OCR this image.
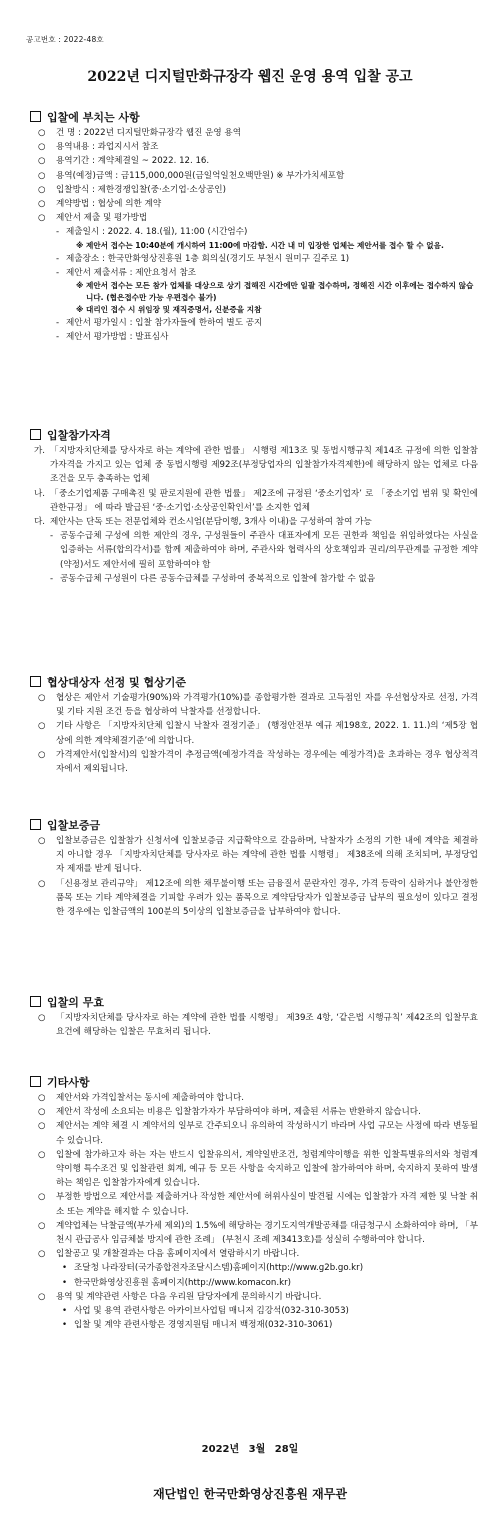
공고번호 : 2022-48호
2022년 디지털만화규장각 웹진 운영 용역 입찰 공고
입찰에 부치는 사항
○ 건 명 : 2022년 디지털만화규장각 웹진 운영 용역
○ 용역내용 : 과업지시서 참조
○ 용역기간 : 계약체결일 ~ 2022. 12. 16.
○ 용역(예정)금액 : 금115,000,000원(금일억일천오백만원) ※ 부가가치세포함
○ 입찰방식 : 제한경쟁입찰(중·소기업·소상공인)
○ 계약방법 : 협상에 의한 계약
○ 제안서 제출 및 평가방법
- 제출일시 : 2022. 4. 18.(월), 11:00 (시간엄수)
※ 제안서 접수는 10:40분에 개시하여 11:00에 마감함. 시간 내 미 입장한 업체는 제안서를 접수 할 수 없음.
- 제출장소 : 한국만화영상진흥원 1층 회의실(경기도 부천시 원미구 길주로 1)
- 제안서 제출서류 : 제안요청서 참조
※ 제안서 접수는 모든 참가 업체를 대상으로 상기 접해진 시간에만 일괄 접수하며, 정해진 시간 이후에는 접수하지 않습니다. (협은접수만 가능 우편접수 불가)
※ 대리인 접수 시 위임장 및 재직증명서, 신분증을 지참
- 제안서 평가일시 : 입찰 참가자들에 한하여 별도 공지
- 제안서 평가방법 : 발표심사
입찰참가자격
가. 「지방자치단체를 당사자로 하는 계약에 관한 법률」 시행령 제13조 및 동법시행규칙 제14조 규정에 의한 입찰참가자격을 가지고 있는 업체 중 동법시행령 제92조(부정당업자의 입찰참가자격제한)에 해당하지 않는 업체로 다음 조건을 모두 충족하는 업체
나. 「중소기업제품 구매촉진 및 판로지원에 관한 법률」 제2조에 규정된 ‘중소기업자’ 로 「중소기업 범위 및 확인에 관한규정」 에 따라 발급된 ‘중·소기업·소상공인확인서’를 소지한 업체
다. 제안사는 단독 또는 전문업체와 컨소시엄(분담이행, 3개사 이내)을 구성하여 참여 가능
- 공동수급체 구성에 의한 제안의 경우, 구성원들이 주관사 대표자에게 모든 권한과 책임을 위임하였다는 사실을 입증하는 서류(합의각서)를 함께 제출하여야 하며, 주관사와 협력사의 상호책임과 권리/의무관계를 규정한 계약(약정)서도 제안서에 필히 포함하여야 함
- 공동수급체 구성원이 다른 공동수급체를 구성하여 중복적으로 입찰에 참가할 수 없음
협상대상자 선정 및 협상기준
○ 협상은 제안서 기술평가(90%)와 가격평가(10%)를 종합평가한 결과로 고득점인 자를 우선협상자로 선정, 가격 및 기타 지원 조건 등을 협상하여 낙찰자를 선정합니다.
○ 기타 사항은 「지방자치단체 입찰시 낙찰자 결정기준」 (행정안전부 예규 제198호, 2022. 1. 11.)의 ‘제5장 협상에 의한 계약체결기준’에 의합니다.
○ 가격제안서(입찰서)의 입찰가격이 추정금액(예정가격을 작성하는 경우에는 예정가격)을 초과하는 경우 협상적격자에서 제외됩니다.
입찰보증금
○ 입찰보증금은 입찰참가 신청서에 입찰보증금 지급확약으로 갈음하며, 낙찰자가 소정의 기한 내에 계약을 체결하지 아니할 경우 「지방자치단체를 당사자로 하는 계약에 관한 법률 시행령」 제38조에 의해 조치되며, 부정당업자 제재를 받게 됩니다.
○ 「신용정보 관리규약」 제12조에 의한 채무불이행 또는 금융질서 문란자인 경우, 가격 등락이 심하거나 불안정한 품목 또는 기타 계약체결을 기피할 우려가 있는 품목으로 계약담당자가 입찰보증금 납부의 필요성이 있다고 결정한 경우에는 입찰금액의 100분의 5이상의 입찰보증금을 납부하여야 합니다.
입찰의 무효
○ 「지방자치단체를 당사자로 하는 계약에 관한 법률 시행령」 제39조 4항, ‘같은법 시행규칙’ 제42조의 입찰무효 요건에 해당하는 입찰은 무효처리 됩니다.
기타사항
○ 제안서와 가격입찰서는 동시에 제출하여야 합니다.
○ 제안서 작성에 소요되는 비용은 입찰참가자가 부담하여야 하며, 제출된 서류는 반환하지 않습니다.
○ 제안서는 계약 체결 시 계약서의 일부로 간주되오니 유의하여 작성하시기 바라며 사업 규모는 사정에 따라 변동될 수 있습니다.
○ 입찰에 참가하고자 하는 자는 반드시 입찰유의서, 계약일반조건, 청렴계약이행을 위한 입찰특별유의서와 청렴계약이행 특수조건 및 입찰관련 회계, 예규 등 모든 사항을 숙지하고 입찰에 참가하여야 하며, 숙지하지 못하여 발생하는 책임은 입찰참가자에게 있습니다.
○ 부정한 방법으로 제안서를 제출하거나 작성한 제안서에 허위사실이 발견될 시에는 입찰참가 자격 제한 및 낙찰 취소 또는 계약을 해지할 수 있습니다.
○ 계약업체는 낙찰금액(부가세 제외)의 1.5%에 해당하는 경기도지역개발공채를 대금청구시 소화하여야 하며, 「부천시 관급공사 임금체불 방지에 관한 조례」 (부천시 조례 제3413호)를 성실히 수행하여야 합니다.
○ 입찰공고 및 개찰결과는 다음 홈페이지에서 열람하시기 바랍니다.
• 조달청 나라장터(국가종합전자조달시스템)홈페이지(http://www.g2b.go.kr)
• 한국만화영상진흥원 홈페이지(http://www.komacon.kr)
○ 용역 및 계약관련 사항은 다음 우리원 담당자에게 문의하시기 바랍니다.
• 사업 및 용역 관련사항은 아카이브사업팀 매니저 김강석(032-310-3053)
• 입찰 및 계약 관련사항은 경영지원팀 매니저 백정재(032-310-3061)
2022년 3월 28일
재단법인 한국만화영상진흥원 재무관
